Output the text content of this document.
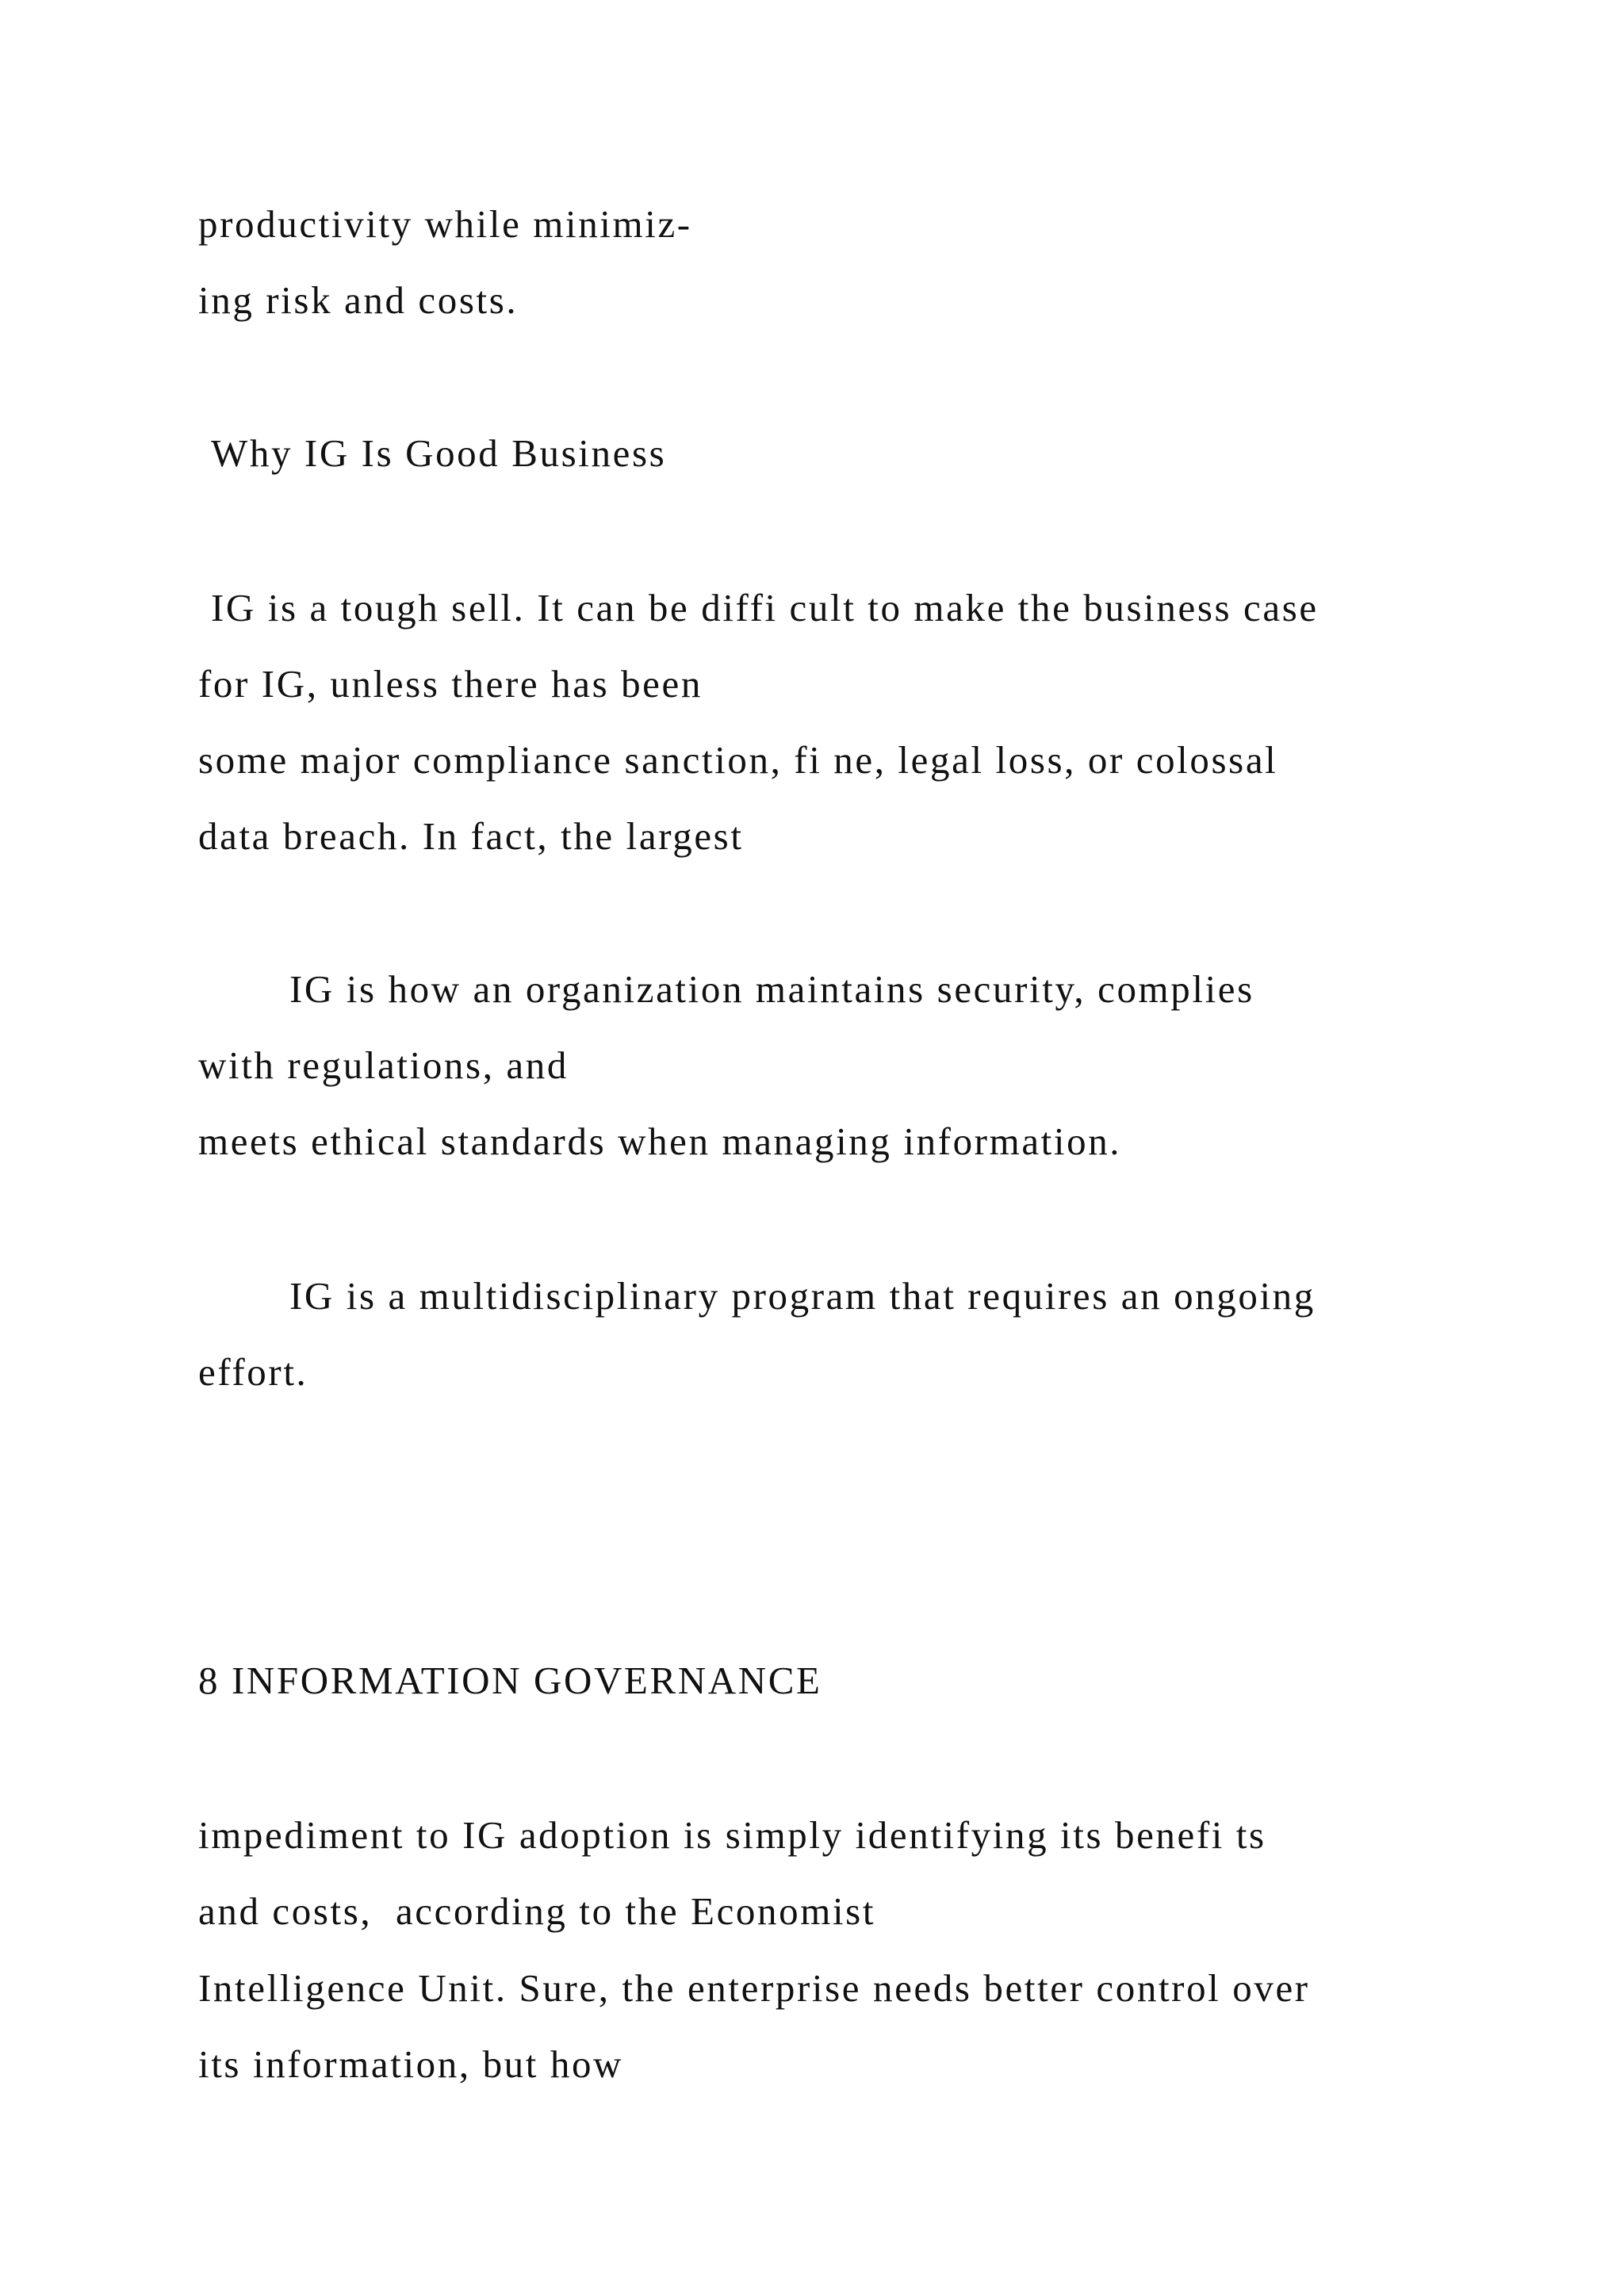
productivity while minimiz-

ing risk and costs.

Why IG Is Good Business

IG is a tough sell. It can be diffi cult to make the business case

for IG, unless there has been

some major compliance sanction, fi ne, legal loss, or colossal

data breach. In fact, the largest

IG is how an organization maintains security, complies

with regulations, and

meets ethical standards when managing information.

IG is a multidisciplinary program that requires an ongoing

effort.

8 INFORMATION GOVERNANCE

impediment to IG adoption is simply identifying its benefi ts

and costs,  according to the Economist

Intelligence Unit. Sure, the enterprise needs better control over

its information, but how
